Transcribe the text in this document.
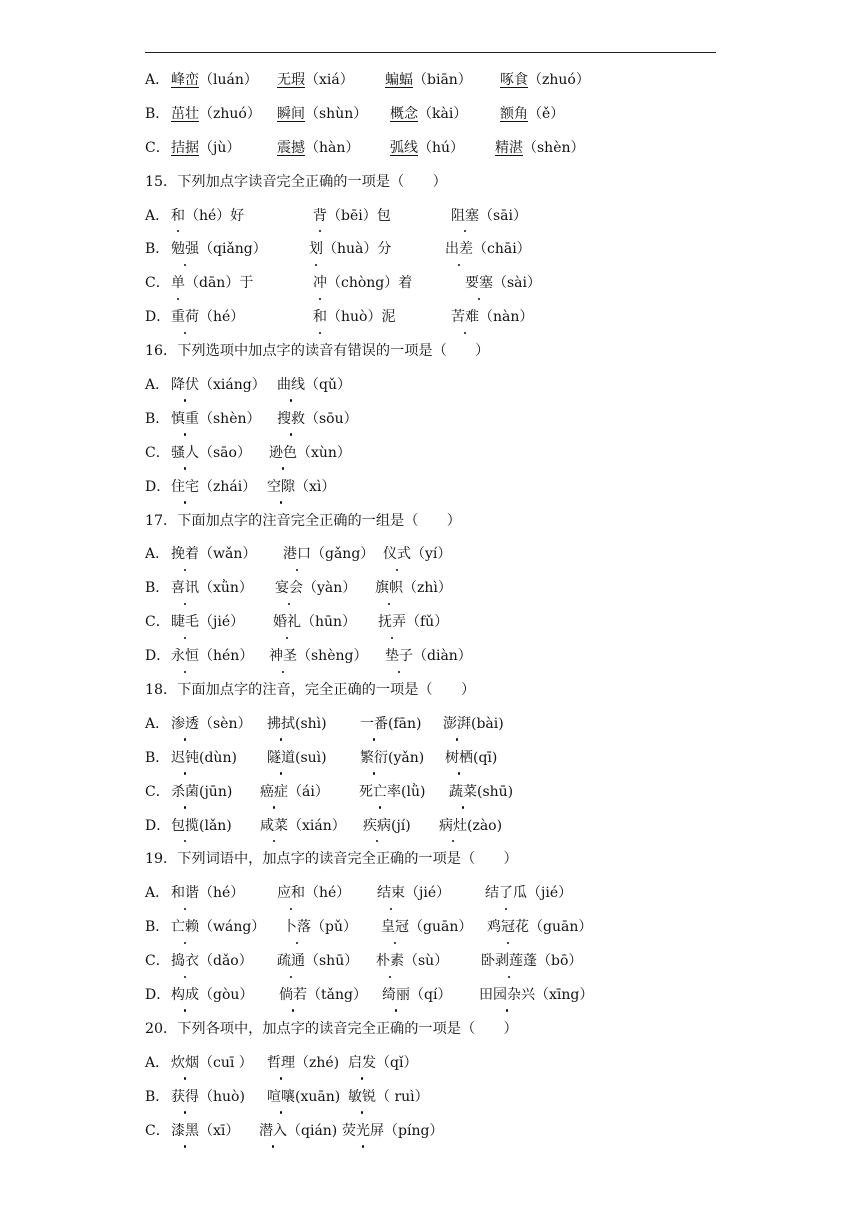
A． 峰峦（luán） 无瑕（xiá） 蝙蝠（biān） 啄食（zhuó）
B． 茁壮（zhuó） 瞬间（shùn） 概念（kài） 额角（ě）
C． 拮据（jù）	震撼（hàn） 弧线（hú） 精湛（shèn）
15．下列加点字读音完全正确的一项是（　　）
A． 和（hé）好	背（bēi）包	阻塞（sāi）
B． 勉强（qiǎng）	划（huà）分	出差（chāi）
C． 单（dān）于	冲（chòng）着	要塞（sài）
D． 重荷（hé）	和（huò）泥	苦难（nàn）
16．下列选项中加点字的读音有错误的一项是（　　）
A． 降伏（xiáng） 曲线（qǔ）
B． 慎重（shèn） 搜救（sōu）
C． 骚人（sāo） 逊色（xùn）
D． 住宅（zhái） 空隙（xì）
17．下面加点字的注音完全正确的一组是（　　）
A． 挽着（wǎn） 港口（gǎng） 仪式（yí）
B． 喜讯（xǜn） 宴会（yàn） 旗帜（zhì）
C． 睫毛（jié） 婚礼（hūn） 抚弄（fǔ）
D． 永恒（hén） 神圣（shèng） 垫子（diàn）
18．下面加点字的注音，完全正确的一项是（　　）
A． 渗透（sèn） 拂拭(shì) 一番(fān) 澎湃(bài)
B． 迟钝(dùn) 隧道(suì) 繁衍(yǎn) 树栖(qī)
C． 杀菌(jūn) 癌症（ái） 死亡率(lǜ) 蔬菜(shū)
D． 包揽(lǎn) 咸菜（xián） 疾病(jí) 病灶(zào)
19．下列词语中，加点字的读音完全正确的一项是（　　）
A． 和谐（hé） 应和（hé） 结束（jié） 结了瓜（jié）
B． 亡赖（wáng） 卜落（pǔ） 皇冠（guān） 鸡冠花（guān）
C． 捣衣（dǎo） 疏通（shū） 朴素（sù） 卧剥莲蓬（bō）
D． 构成（gòu） 倘若（tǎng） 绮丽（qí） 田园杂兴（xīng）
20．下列各项中，加点字的读音完全正确的一项是（　　）
A． 炊烟（cuī ） 哲理（zhé) 启发（qǐ）
B． 获得（huò) 喧嚷(xuān) 敏锐（ ruì）
C． 漆黑（xī） 潜入（qián) 荧光屏（píng）
